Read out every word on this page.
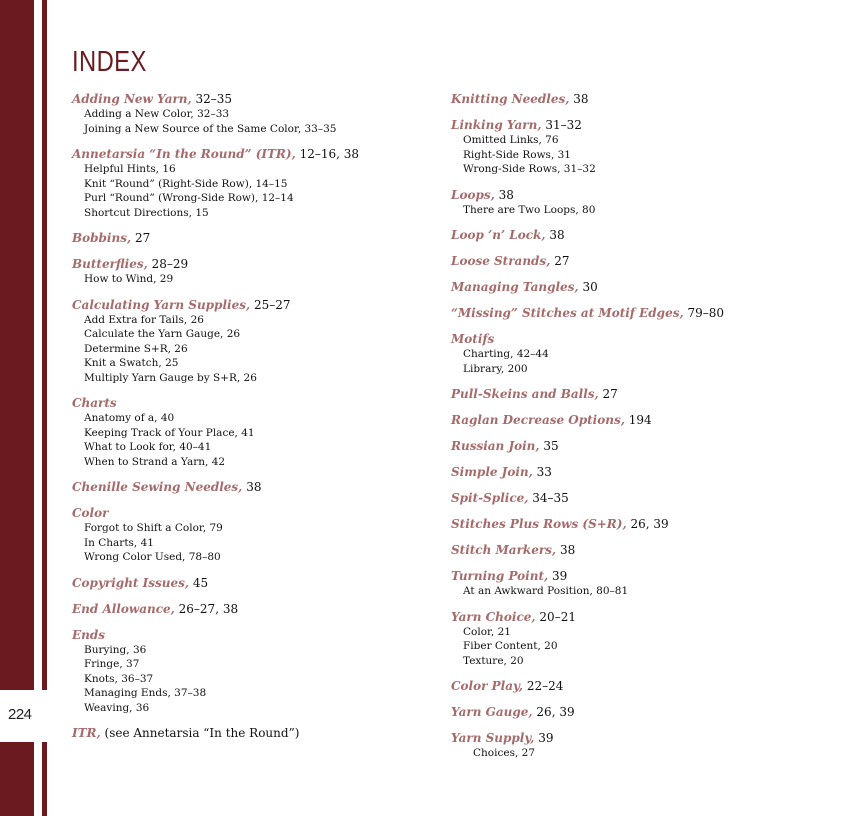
224
INDEX
Adding New Yarn, 32–35
Adding a New Color, 32–33
Joining a New Source of the Same Color, 33–35
Annetarsia “In the Round” (ITR), 12–16, 38
Helpful Hints, 16
Knit “Round” (Right-Side Row), 14–15
Purl “Round” (Wrong-Side Row), 12–14
Shortcut Directions, 15
Bobbins, 27
Butterflies, 28–29
How to Wind, 29
Calculating Yarn Supplies, 25–27
Add Extra for Tails, 26
Calculate the Yarn Gauge, 26
Determine S+R, 26
Knit a Swatch, 25
Multiply Yarn Gauge by S+R, 26
Charts
Anatomy of a, 40
Keeping Track of Your Place, 41
What to Look for, 40–41
When to Strand a Yarn, 42
Chenille Sewing Needles, 38
Color
Forgot to Shift a Color, 79
In Charts, 41
Wrong Color Used, 78–80
Copyright Issues, 45
End Allowance, 26–27, 38
Ends
Burying, 36
Fringe, 37
Knots, 36–37
Managing Ends, 37–38
Weaving, 36
ITR, (see Annetarsia “In the Round”)
Knitting Needles, 38
Linking Yarn, 31–32
Omitted Links, 76
Right-Side Rows, 31
Wrong-Side Rows, 31–32
Loops, 38
There are Two Loops, 80
Loop ’n’ Lock, 38
Loose Strands, 27
Managing Tangles, 30
“Missing” Stitches at Motif Edges, 79–80
Motifs
Charting, 42–44
Library, 200
Pull-Skeins and Balls, 27
Raglan Decrease Options, 194
Russian Join, 35
Simple Join, 33
Spit-Splice, 34–35
Stitches Plus Rows (S+R), 26, 39
Stitch Markers, 38
Turning Point, 39
At an Awkward Position, 80–81
Yarn Choice, 20–21
Color, 21
Fiber Content, 20
Texture, 20
Color Play, 22–24
Yarn Gauge, 26, 39
Yarn Supply, 39
Choices, 27
